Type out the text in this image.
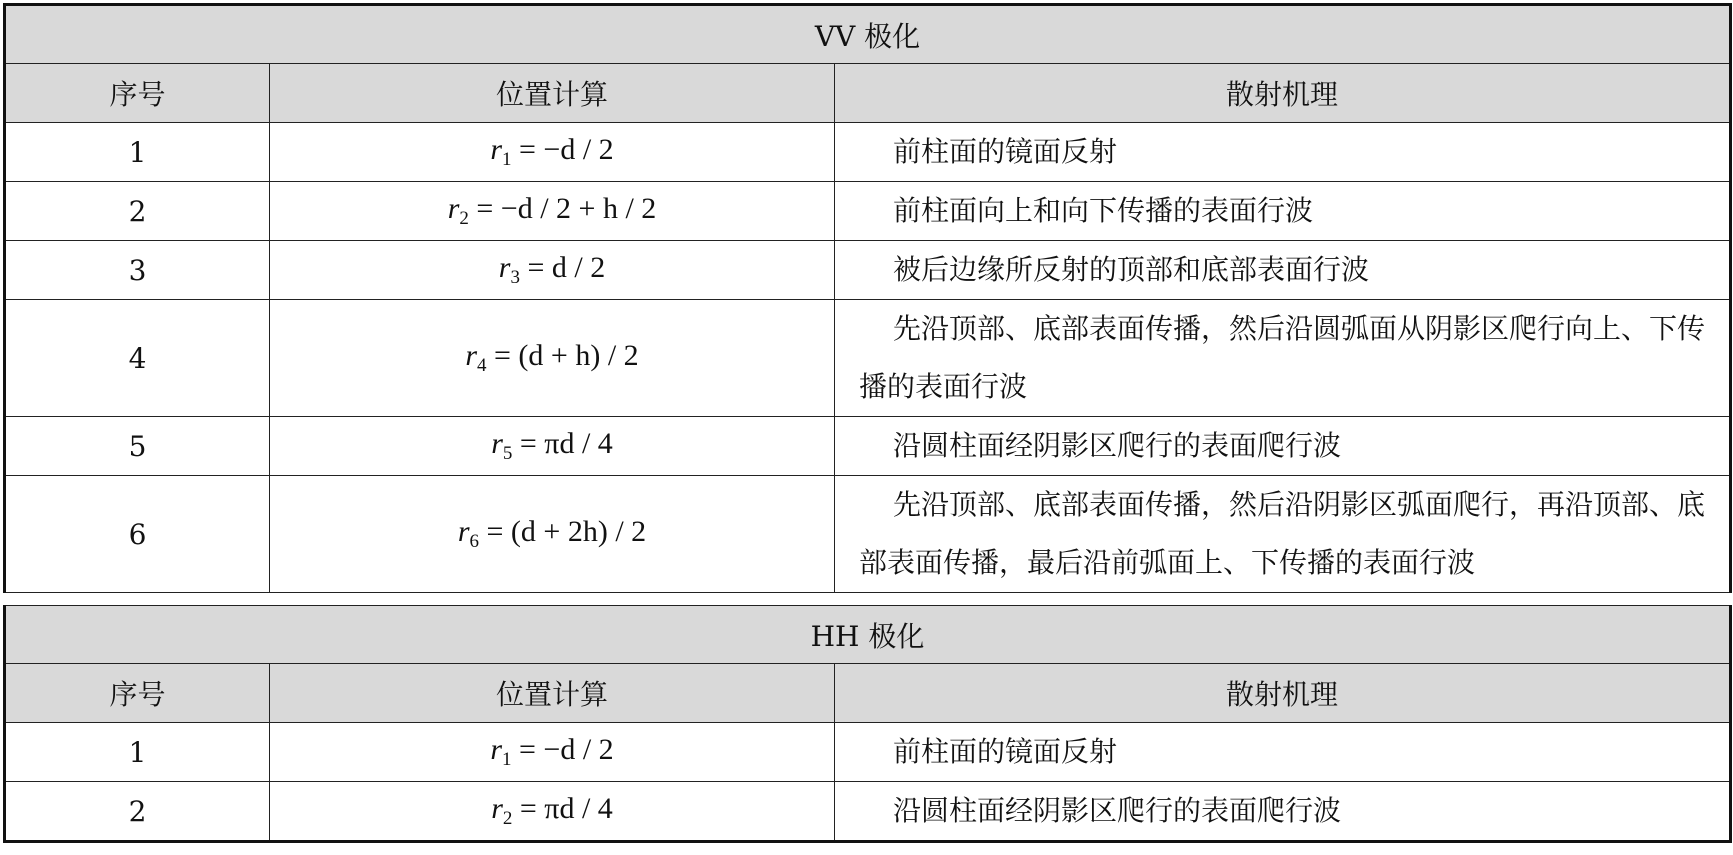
VV 极化		
序号	位置计算	散射机理
1	$r_1 = -d / 2$	前柱面的镜面反射

2	$r_2 = -d / 2 + h / 2$	前柱面向上和向下传播的表面行波

3	$r_3 = d / 2$	被后边缘所反射的顶部和底部表面行波

4	$r_4 = (d + h) / 2$	先沿顶部、底部表面传播，然后沿圆弧面从阴影区爬行向上、下传播的表面行波

5	$r_5 = \pi d / 4$	沿圆柱面经阴影区爬行的表面爬行波

6	$r_6 = (d + 2h) / 2$	先沿顶部、底部表面传播，然后沿阴影区弧面爬行，再沿顶部、底部表面传播，最后沿前弧面上、下传播的表面行波
HH 极化		
序号	位置计算	散射机理
1	$r_1 = -d / 2$	前柱面的镜面反射

2	$r_2 = \pi d / 4$	沿圆柱面经阴影区爬行的表面爬行波
